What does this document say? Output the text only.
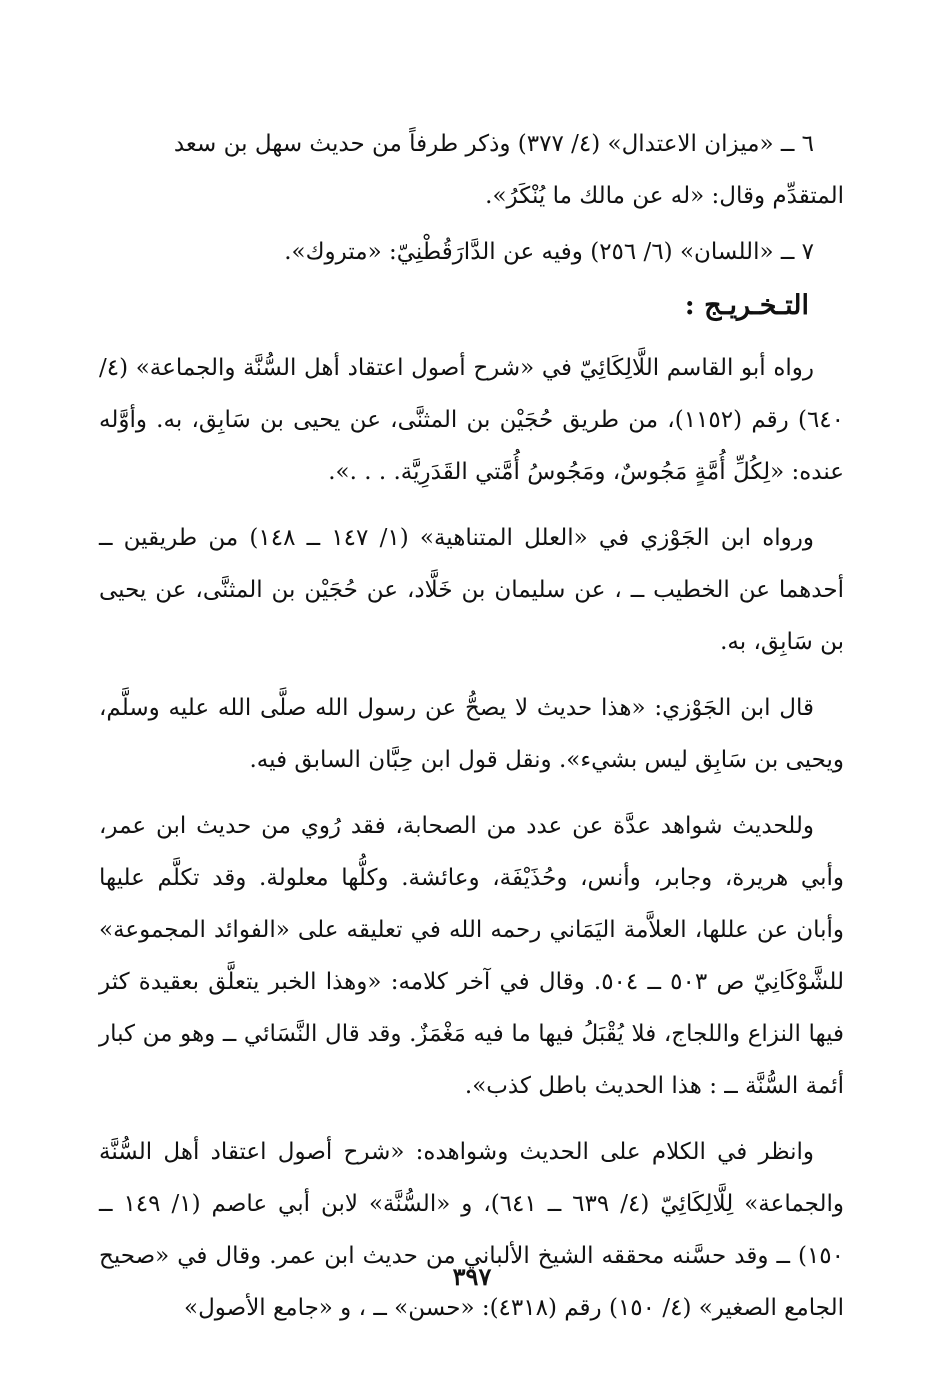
٦ ــ «ميزان الاعتدال» (٤/ ٣٧٧) وذكر طرفاً من حديث سهل بن سعد

المتقدِّم وقال: «له عن مالك ما يُنْكَرُ».

٧ ــ «اللسان» (٦/ ٢٥٦) وفيه عن الدَّارَقُطْنِيّ: «متروك».

التـخـريـج :

رواه أبو القاسم اللَّالِكَائِيّ في «شرح أصول اعتقاد أهل السُّنَّة والجماعة» (٤/ ٦٤٠) رقم (١١٥٢)، من طريق حُجَيْن بن المثنَّى، عن يحيى بن سَابِق، به. وأوَّله عنده: «لِكُلِّ أُمَّةٍ مَجُوسٌ، ومَجُوسُ أُمَّتي القَدَرِيَّة. . . .».

ورواه ابن الجَوْزي في «العلل المتناهية» (١/ ١٤٧ ــ ١٤٨) من طريقين ــ أحدهما عن الخطيب ــ ، عن سليمان بن خَلَّاد، عن حُجَيْن بن المثنَّى، عن يحيى بن سَابِق، به.

قال ابن الجَوْزي: «هذا حديث لا يصحُّ عن رسول الله صلَّى الله عليه وسلَّم، ويحيى بن سَابِق ليس بشيء». ونقل قول ابن حِبَّان السابق فيه.

وللحديث شواهد عدَّة عن عدد من الصحابة، فقد رُوي من حديث ابن عمر، وأبي هريرة، وجابر، وأنس، وحُذَيْفَة، وعائشة. وكلُّها معلولة. وقد تكلَّم عليها وأبان عن عللها، العلاَّمة اليَمَاني رحمه الله في تعليقه على «الفوائد المجموعة» للشَّوْكَانِيّ ص ٥٠٣ ــ ٥٠٤. وقال في آخر كلامه: «وهذا الخبر يتعلَّق بعقيدة كثر فيها النزاع واللجاج، فلا يُقْبَلُ فيها ما فيه مَغْمَزٌ. وقد قال النَّسَائي ــ وهو من كبار أئمة السُّنَّة ــ : هذا الحديث باطل كذب».

وانظر في الكلام على الحديث وشواهده: «شرح أصول اعتقاد أهل السُّنَّة والجماعة» لِلَّالِكَائِيّ (٤/ ٦٣٩ ــ ٦٤١)، و «السُّنَّة» لابن أبي عاصم (١/ ١٤٩ ــ ١٥٠) ــ وقد حسَّنه محققه الشيخ الألباني من حديث ابن عمر. وقال في «صحيح الجامع الصغير» (٤/ ١٥٠) رقم (٤٣١٨): «حسن» ــ ، و «جامع الأصول»

٣٩٧
